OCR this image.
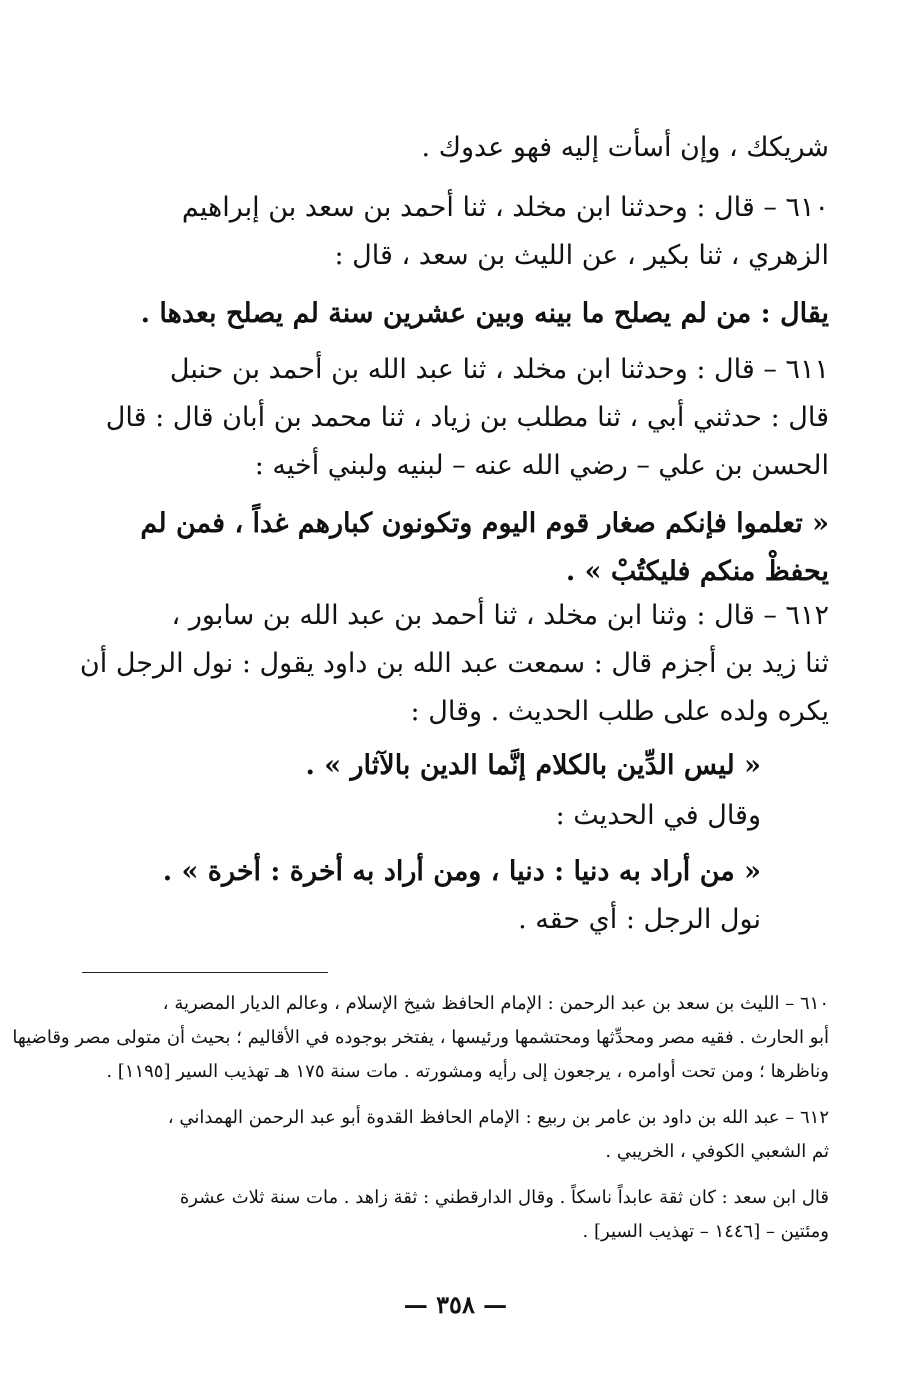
شريكك ، وإن أسأت إليه فهو عدوك .
٦١٠ – قال : وحدثنا ابن مخلد ، ثنا أحمد بن سعد بن إبراهيم
الزهري ، ثنا بكير ، عن الليث بن سعد ، قال :
يقال : من لم يصلح ما بينه وبين عشرين سنة لم يصلح بعدها .
٦١١ – قال : وحدثنا ابن مخلد ، ثنا عبد الله بن أحمد بن حنبل
قال : حدثني أبي ، ثنا مطلب بن زياد ، ثنا محمد بن أبان قال : قال
الحسن بن علي – رضي الله عنه – لبنيه ولبني أخيه :
« تعلموا فإنكم صغار قوم اليوم وتكونون كبارهم غداً ، فمن لم
يحفظْ منكم فليكتُبْ » .
٦١٢ – قال : وثنا ابن مخلد ، ثنا أحمد بن عبد الله بن سابور ،
ثنا زيد بن أجزم قال : سمعت عبد الله بن داود يقول : نول الرجل أن
يكره ولده على طلب الحديث . وقال :
« ليس الدِّين بالكلام إنَّما الدين بالآثار » .
وقال في الحديث :
« من أراد به دنيا : دنيا ، ومن أراد به أخرة : أخرة » .
نول الرجل : أي حقه .
٦١٠ – الليث بن سعد بن عبد الرحمن : الإمام الحافظ شيخ الإسلام ، وعالم الديار المصرية ،
أبو الحارث . فقيه مصر ومحدِّثها ومحتشمها ورئيسها ، يفتخر بوجوده في الأقاليم ؛ بحيث أن متولى مصر وقاضيها
وناظرها ؛ ومن تحت أوامره ، يرجعون إلى رأيه ومشورته . مات سنة ١٧٥ هـ تهذيب السير [١١٩٥] .
٦١٢ – عبد الله بن داود بن عامر بن ربيع : الإمام الحافظ القدوة أبو عبد الرحمن الهمداني ،
ثم الشعبي الكوفي ، الخريبي .
قال ابن سعد : كان ثقة عابداً ناسكاً . وقال الدارقطني : ثقة زاهد . مات سنة ثلاث عشرة
ومئتين – [١٤٤٦ – تهذيب السير] .
— ٣٥٨ —
